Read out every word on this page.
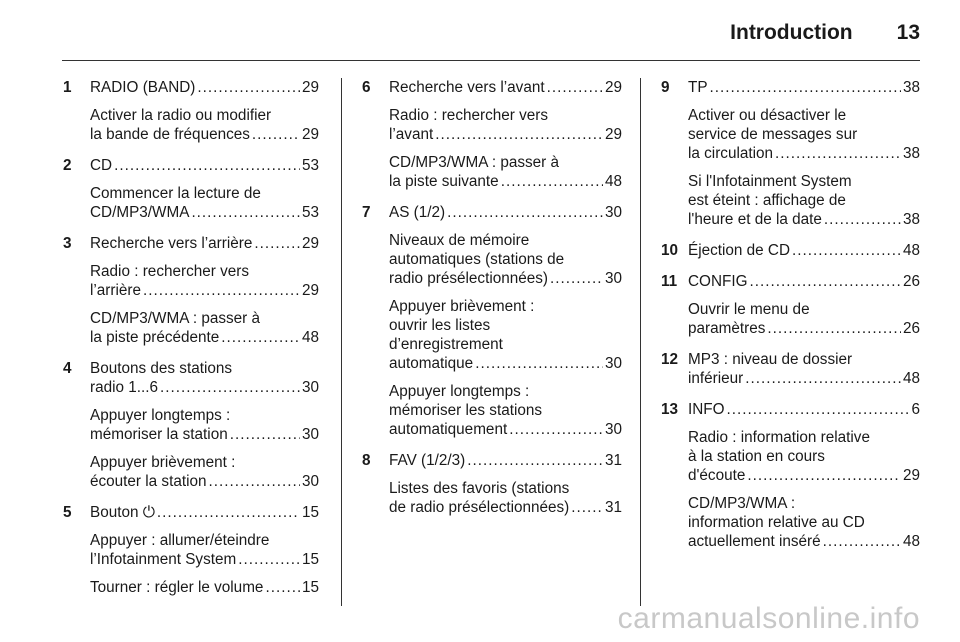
Introduction 13
1 RADIO (BAND) .....	29
Activer la radio ou modifier
la bande de fréquences .....	29
2 CD .....	53
Commencer la lecture de
CD/MP3/WMA .....	53
3 Recherche vers l’arrière .....	29
Radio : rechercher vers
l’arrière .....	29
CD/MP3/WMA : passer à
la piste précédente .....	48
4 Boutons des stations
radio 1...6 .....	30
Appuyer longtemps :
mémoriser la station .....	30
Appuyer brièvement :
écouter la station .....	30
5 Bouton ⏻ .....	15
Appuyer : allumer/éteindre
l’Infotainment System .....	15
Tourner : régler le volume .....	15
6 Recherche vers l’avant .....	29
Radio : rechercher vers
l’avant .....	29
CD/MP3/WMA : passer à
la piste suivante .....	48
7 AS (1/2) .....	30
Niveaux de mémoire
automatiques (stations de
radio présélectionnées) .....	30
Appuyer brièvement :
ouvrir les listes
d’enregistrement
automatique .....	30
Appuyer longtemps :
mémoriser les stations
automatiquement .....	30
8 FAV (1/2/3) .....	31
Listes des favoris (stations
de radio présélectionnées) ..... 31
9 TP .....	38
Activer ou désactiver le
service de messages sur
la circulation .....	38
Si l'Infotainment System
est éteint : affichage de
l'heure et de la date .....	38
10 Éjection de CD .....	48
11 CONFIG .....	26
Ouvrir le menu de
paramètres .....	26
12 MP3 : niveau de dossier
inférieur .....	48
13 INFO .....	6
Radio : information relative
à la station en cours
d'écoute .....	29
CD/MP3/WMA :
information relative au CD
actuellement inséré .....	48
carmanualsonline.info
